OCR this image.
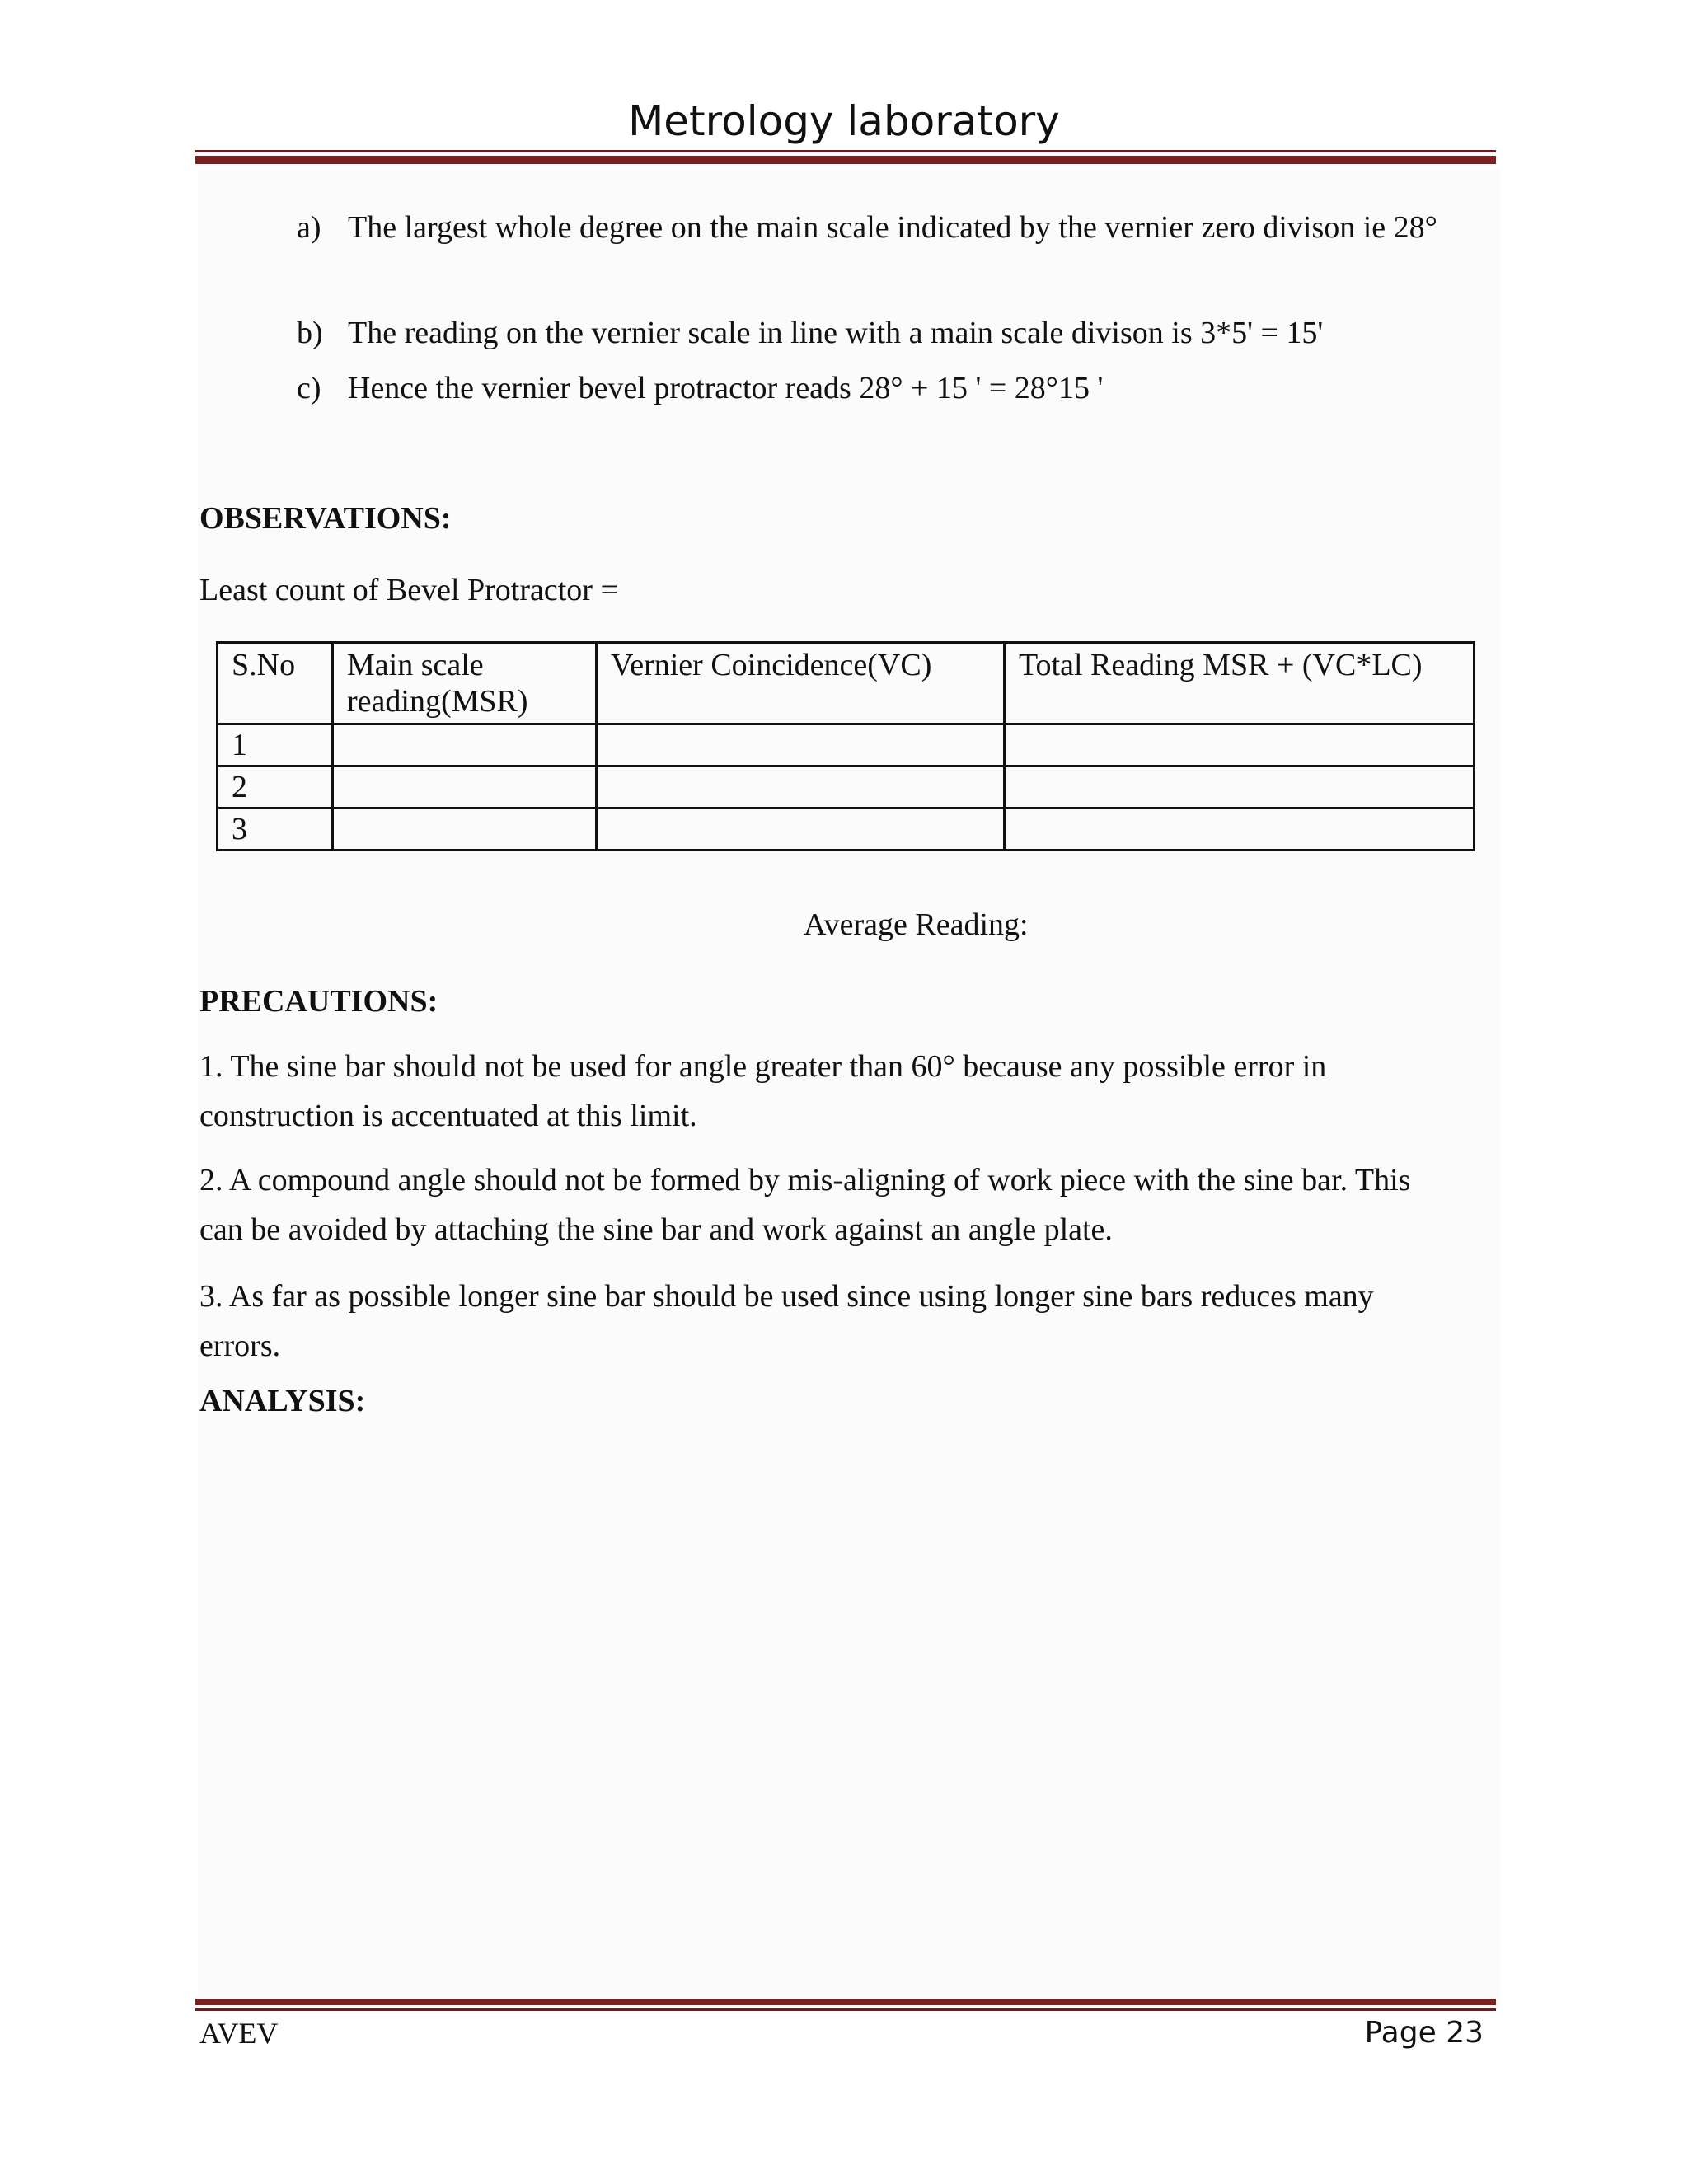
Metrology laboratory
a) The largest whole degree on the main scale indicated by the vernier zero divison ie 28°
b) The reading on the vernier scale in line with a main scale divison is 3*5' = 15'
c) Hence the vernier bevel protractor reads 28° + 15 ' = 28°15 '
OBSERVATIONS:
Least count of Bevel Protractor =
S.No	Main scale reading(MSR)	Vernier Coincidence(VC)	Total Reading MSR + (VC*LC)
1			
2			
3			
Average Reading:
PRECAUTIONS:
1. The sine bar should not be used for angle greater than 60° because any possible error in construction is accentuated at this limit.
2. A compound angle should not be formed by mis-aligning of work piece with the sine bar. This can be avoided by attaching the sine bar and work against an angle plate.
3. As far as possible longer sine bar should be used since using longer sine bars reduces many errors.
ANALYSIS:
AVEV	Page 23
